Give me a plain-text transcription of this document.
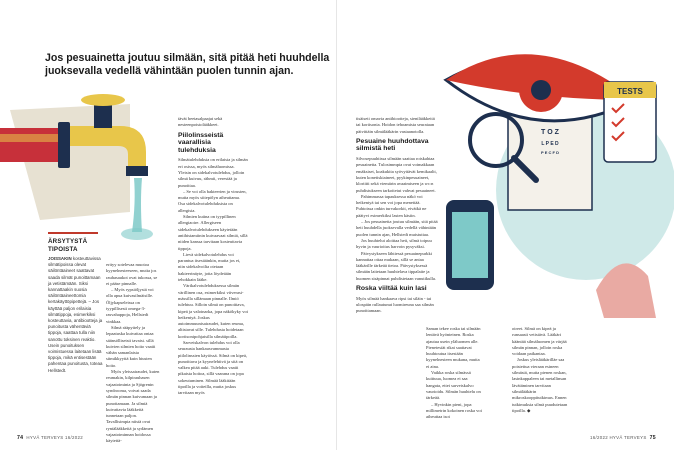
Jos pesuainetta joutuu silmään, sitä pitää heti huuhdella juoksevalla vedellä vähintään puolen tunnin ajan.
ÄRSYTYSTÄ
TIPOISTA

JOISSAKIN kosteuttavissa silmätipoissa olevat säilöntäaineet saattavat saada silmät punoittamaan ja vetistämään. Siksi kannattaakin suosia säilöntäaineettomia kertakäyttöpipettejä. – Jos käyttää paljon erilaisia silmätippoja, esimerkiksi kosteuttavia, antibiootteja ja punoitusta vähentäviä tippoja, saattaa tulla niin sanottu toksinen reaktio. Usein punoituksen voimistuessa laitetaan lisää tippoja, mikä entisestään pahentaa punoitusta, toteaa Hellstedt.

erityy sotelevaa muotoa kyynelnesteeseen, mutta jos rauhasaukot ovat tukossa, se ei pääse pinnalle.

– Myös rypsiöljystä voi olla apua kuivasilmäisille. Öljykapseleissa on tyypillisesti omega-3-rasvahappoja, Hellstedt vinkkaa.

Silmä rääpyttely ja lepaatuska kuivattaa ontaa säänsöllisetsti tavaist. sillä kuivien silmien hoito vaatii vähän samanlaista sitmikkyyttä kuin hiusten hoito.

Myös yleissairaudet, kuten reumakin, kilpirauhasen vajaatoiminta ja Sjögrenin syndrooma, voivat saada silmän pinnan kuivumaan ja punottamaan. Ja silmiä kuivattavia lääkkeitä tunnetaan paljon. Tavallisimpia niistä ovat ryntälääkkeitä ja sydämen vajaatoiminnan hoidossa käytettä-

tävät beetasalpaajat sekä nesteenpoistolääkkeet.

Piilolinsseistä vaarallisia tulehduksia

Silmätulehduksia on erilaisia ja silmän eri osissa, myös silmäluomissa. Yleisin on sidekalvotulehdus, jolloin silmä kuivuu, rähmii, verestää ja punoittaa.

– Se voi olla bakteerien ja virusten, mutta myös siitepölyn aiheuttama. Osa sidekalvotulehduksista on allergisia.

Silmien kutina on tyypillinen allergiaoire. Allergiseen sidekalvotulehdukseen käytetään antihistamiinin kuivaavaat silmiä, sillä niiden kanssa tarvitaan kosteuttavia tippoja.

Lievä sidekalvotulehdus voi parantua itsestäänkin, mutta jos ei, niin sidekalvoilta otetaan bakteerinäyte, jotta löydetään tehokkain lääke.

Värikalvotulehduksessa silmän värillinen osa, esimerkiksi viiverasi- mässilla sillämaan pinnalle. Ilmiö tulehtuu. Silloin silmä on punoittava, kipeä ja valoinarka, jopa näkökyky voi heikentyä. Joskus autoimmuunisairaudet, kuten reuma, altistavat sille. Tulehdusta hoidetaan kortisonipohjaisilla silmätipoilla.

Sarveiskalvon tulehdus voi olla seurausta hankausvammasta piilolinssien käytössä. Silmä on kipeä, punoittava ja kyynelehtivä ja sitä on valkea pitää auki. Tulehdus vaatii pikaista hoitoa, sillä vaarana on jopa sokeutuminen. Silmää lääkitään tipoilla ja voiteilla, mutta joskus tarvitaan myös

tisäiseti omavia antibiootteja, sienilääkkeitä tai kortisonia. Hoidon tehoamista seurataan päivittäin silmälääkärin vastaanotolla.

Pesuaine huuhdottava silmistä heti

Silvosepuuhtissa silmään saattaa roiskahtaa pesuainetta. Tulosimmpia ovat voimakkaan emäksiset, koakukita syövyttävät kemikaalit, kuten konetiskiaineet, pyykinpesuaineet, kloriitti sekä viemärin avaaimiseen ja wc:n puhdistukseen tarkoitetut vahvat pesuaineet.

Pahimmassa tapauksessa näkö voi heikentyä tai sen voi jopa menettää. Puhtoissa onkin turvakorkit, eivätkä ne päätyvi esimerkiksi lasten käsiin.

– Jos pesuainetta joutuu silmään, sitä pitää heti huuhdella juoksevalla vedellä vähintään puolen tunnin ajan, Hellstedt muistuttaa.

Jos huuhtelut aloittaa heti, silmä toipuu hyvin ja vaurioitus harvoin pysyväksi.

Päivystykseen lähtiessä pesuainepurkki kannattaa ottaa mukaan, sillä se antaa lääkärille tärkeää tietoa. Päivystyksessä silmään laitetaan huuhtelava tippalaite ja huomen sisäpinnat puhdistetaan vanutikulla.

Roska viiltää kuin lasi

Myös silmää hankaava ripsi tai siläin - tai ulospäin rullautunut luomireuna saa silmän punoittamaan.

T O Z
L P E D
P E C F D
TESTS

Saman tekee roska tai silmään lentävä hyönteinen. Roska ajautua usein yläluomen alle. Pienetesiät rikat saattavat huuhtoutua itsestään kyynelnesteen mukana, mutta ei aina.

Vaikka roska silmässä kuittuua, luomea ei saa hangata, ettei sarveiskalvo vaurioidu. Silmän huuhtelu on tärkeää.

– Hyvinkin pieni, jopa millimetrin kokoinen roska voi aiheuttaa isot

oireet. Silmä on kipeä ja runsaasti vetistävä. Lääkäri kääntää silmäluomen ja värjää silmän pinnan, jolloin roska voidaan paikantaa.

Joskus yleislääkärilläe saa poistettua vieraan esineen silmästä, mutta pienen roskan, lasinkappaleen tai metallinsan lävätäminen tarvitaan silmälääkärin mikroskooppitutkimus. Ennen tutkimuksia silmä puudutetaan tipoilla. ◆

74 HYVÄ TERVEYS 16/2022	16/2022 HYVÄ TERVEYS 75
